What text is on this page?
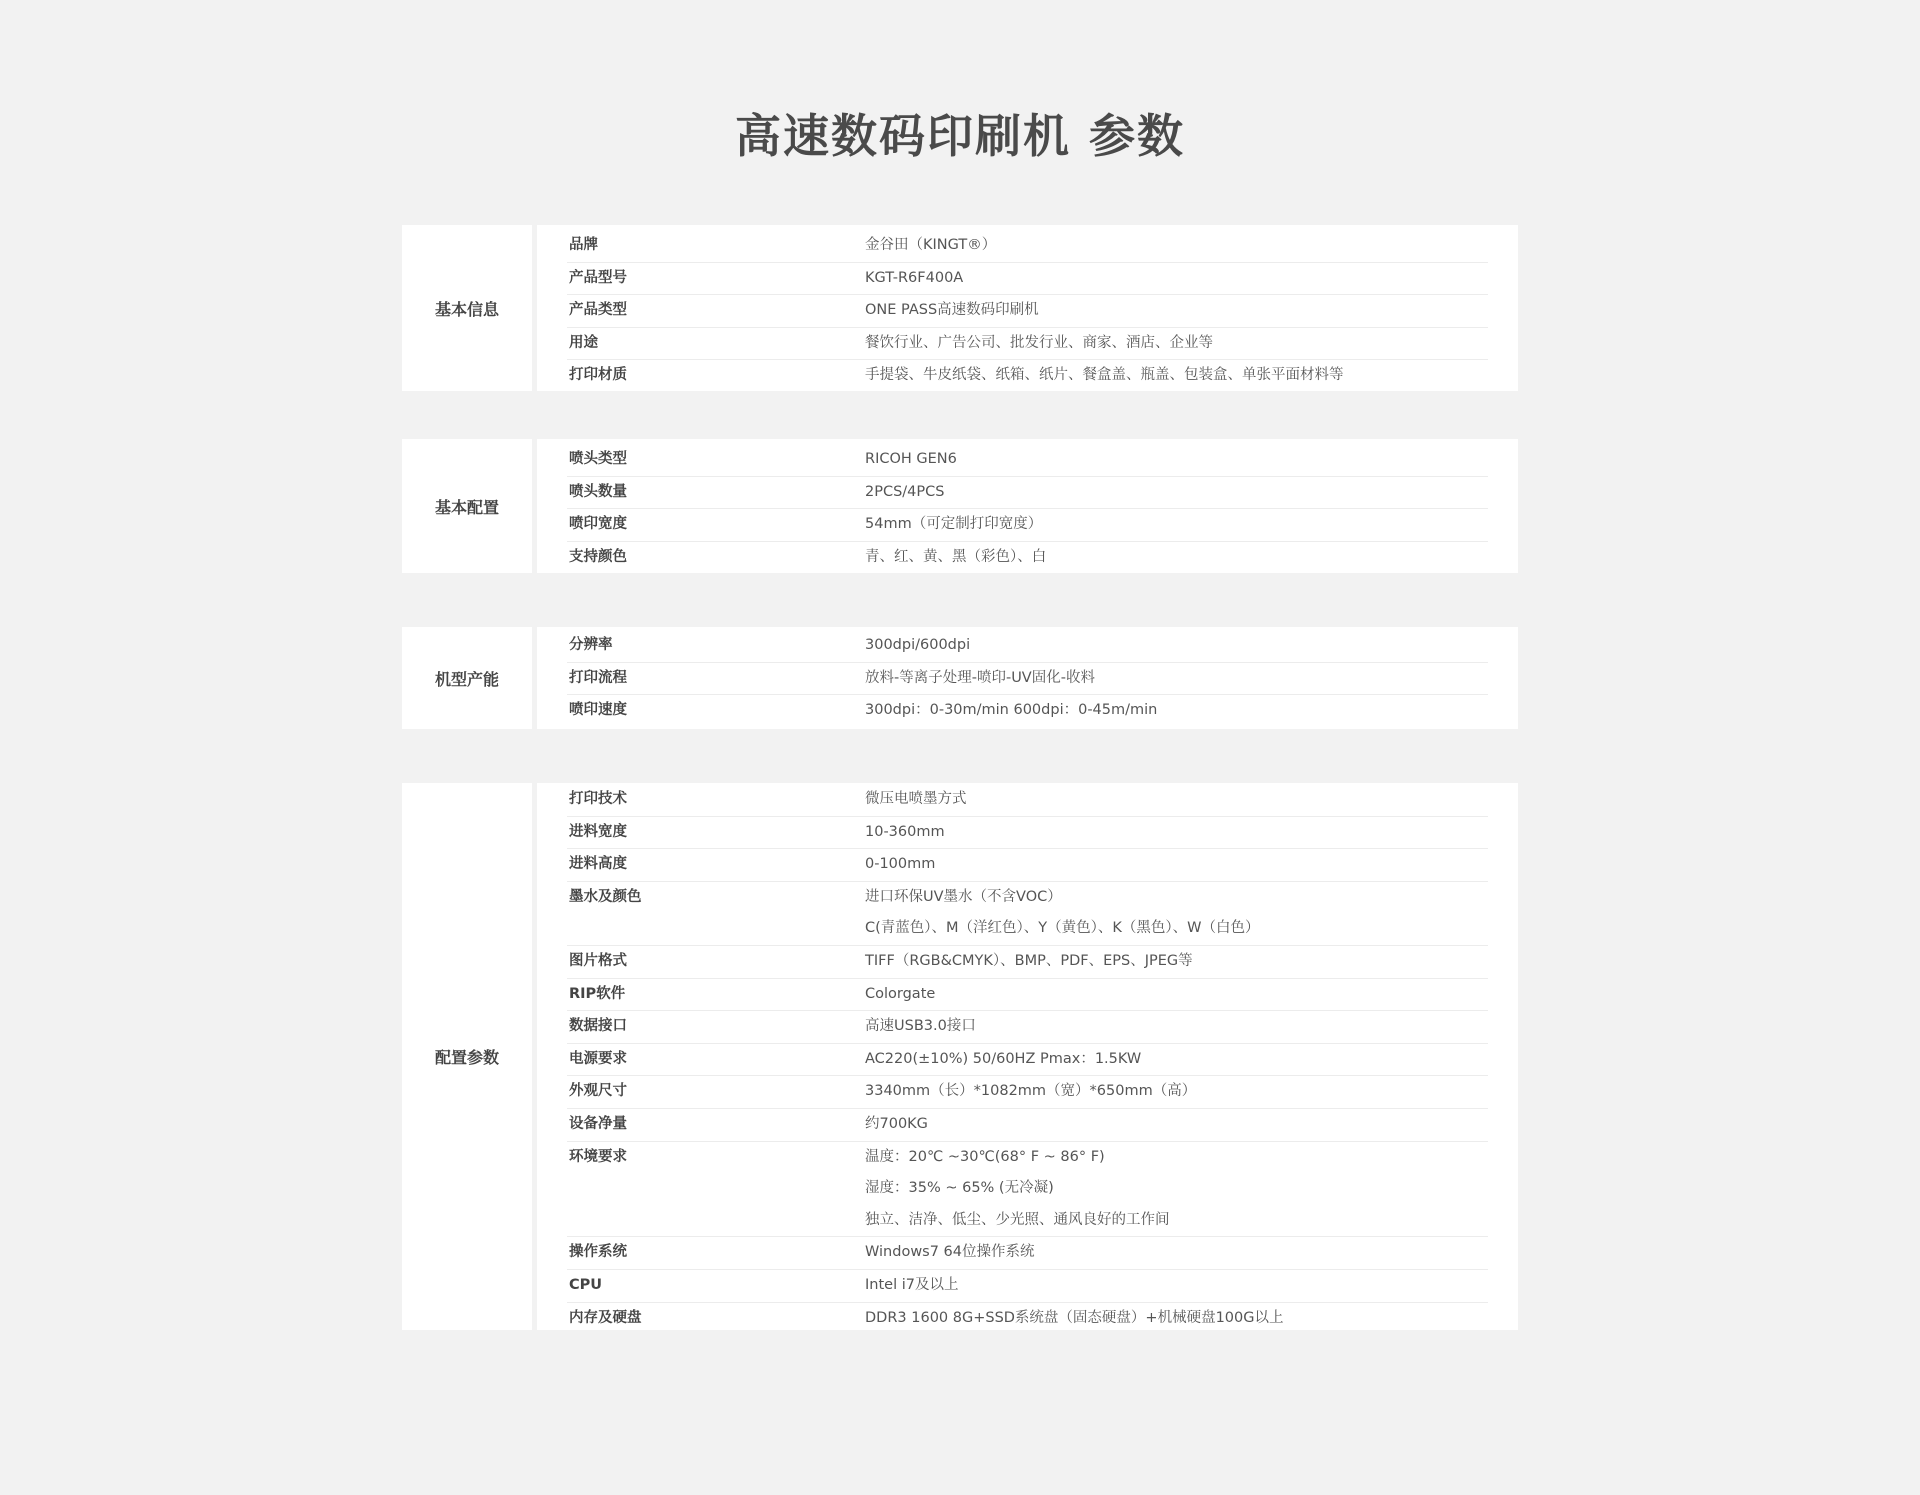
高速数码印刷机 参数
基本信息
品牌	金谷田（KINGT®）
产品型号	KGT-R6F400A
产品类型	ONE PASS高速数码印刷机
用途	餐饮行业、广告公司、批发行业、商家、酒店、企业等
打印材质	手提袋、牛皮纸袋、纸箱、纸片、餐盒盖、瓶盖、包装盒、单张平面材料等
基本配置
喷头类型	RICOH GEN6
喷头数量	2PCS/4PCS
喷印宽度	54mm（可定制打印宽度）
支持颜色	青、红、黄、黑（彩色）、白
机型产能
分辨率	300dpi/600dpi
打印流程	放料-等离子处理-喷印-UV固化-收料
喷印速度	300dpi：0-30m/min 600dpi：0-45m/min
配置参数
打印技术	微压电喷墨方式
进料宽度	10-360mm
进料高度	0-100mm
墨水及颜色	进口环保UV墨水（不含VOC）
C(青蓝色）、M（洋红色）、Y（黄色）、K（黑色）、W（白色）
图片格式	TIFF（RGB&CMYK）、BMP、PDF、EPS、JPEG等
RIP软件	Colorgate
数据接口	高速USB3.0接口
电源要求	AC220(±10%) 50/60HZ Pmax：1.5KW
外观尺寸	3340mm（长）*1082mm（宽）*650mm（高）
设备净量	约700KG
环境要求	温度：20℃ ~30℃(68° F ~ 86° F)
湿度：35% ~ 65% (无冷凝)
独立、洁净、低尘、少光照、通风良好的工作间
操作系统	Windows7 64位操作系统
CPU	Intel i7及以上
内存及硬盘	DDR3 1600 8G+SSD系统盘（固态硬盘）+机械硬盘100G以上
